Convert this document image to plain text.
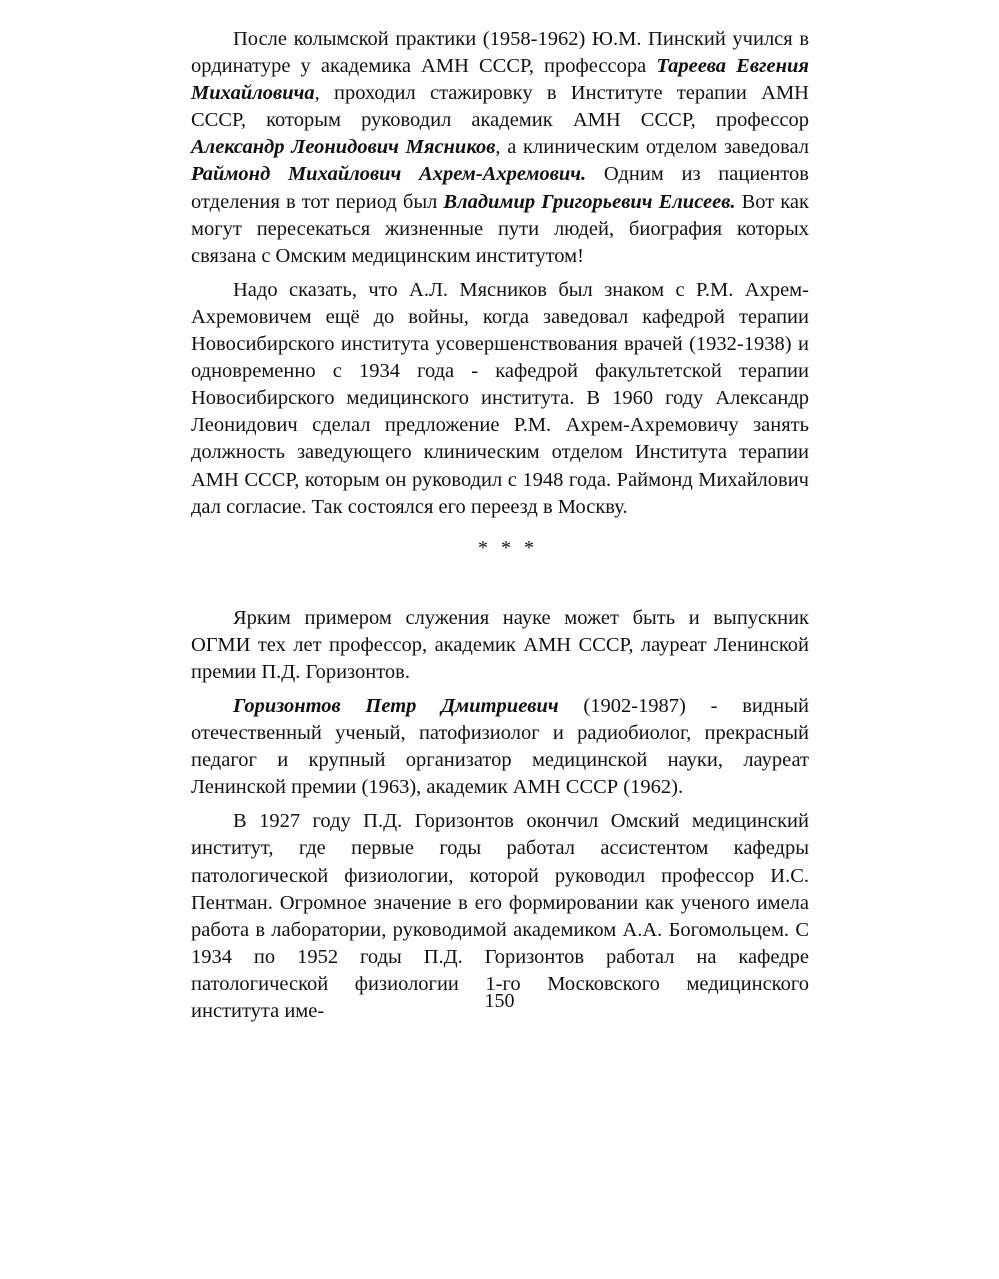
После колымской практики (1958-1962) Ю.М. Пинский учился в ординатуре у академика АМН СССР, профессора Тареева Евгения Михайловича, проходил стажировку в Институте терапии АМН СССР, которым руководил академик АМН СССР, профессор Александр Леонидович Мясников, а клиническим отделом заведовал Раймонд Михайлович Ахрем-Ахремович. Одним из пациентов отделения в тот период был Владимир Григорьевич Елисеев. Вот как могут пересекаться жизненные пути людей, биография которых связана с Омским медицинским институтом!

Надо сказать, что А.Л. Мясников был знаком с Р.М. Ахрем-Ахремовичем ещё до войны, когда заведовал кафедрой терапии Новосибирского института усовершенствования врачей (1932-1938) и одновременно с 1934 года - кафедрой факультетской терапии Новосибирского медицинского института. В 1960 году Александр Леонидович сделал предложение Р.М. Ахрем-Ахремовичу занять должность заведующего клиническим отделом Института терапии АМН СССР, которым он руководил с 1948 года. Раймонд Михайлович дал согласие. Так состоялся его переезд в Москву.

* * *

Ярким примером служения науке может быть и выпускник ОГМИ тех лет профессор, академик АМН СССР, лауреат Ленинской премии П.Д. Горизонтов.

Горизонтов Петр Дмитриевич (1902-1987) - видный отечественный ученый, патофизиолог и радиобиолог, прекрасный педагог и крупный организатор медицинской науки, лауреат Ленинской премии (1963), академик АМН СССР (1962).

В 1927 году П.Д. Горизонтов окончил Омский медицинский институт, где первые годы работал ассистентом кафедры патологической физиологии, которой руководил профессор И.С. Пентман. Огромное значение в его формировании как ученого имела работа в лаборатории, руководимой академиком А.А. Богомольцем. С 1934 по 1952 годы П.Д. Горизонтов работал на кафедре патологической физиологии 1-го Московского медицинского института име-	150
